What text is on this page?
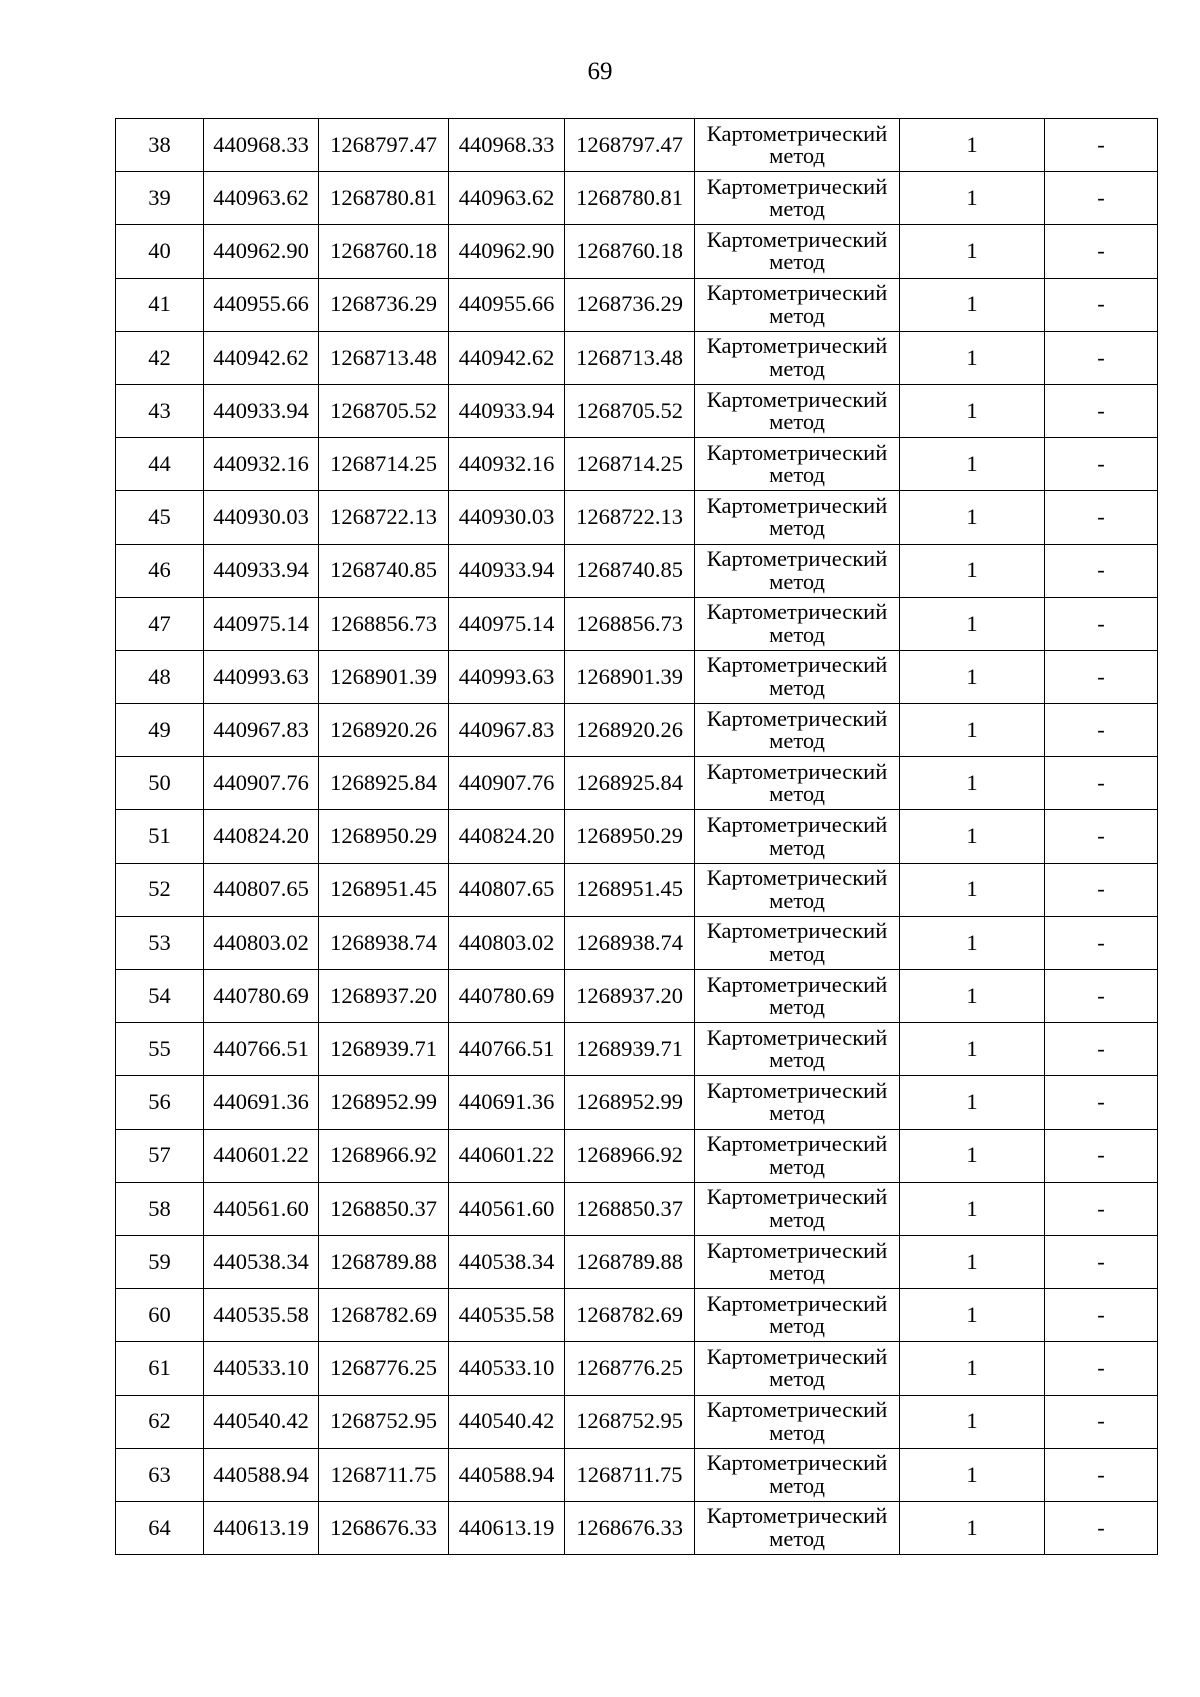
69
38	440968.33	1268797.47	440968.33	1268797.47	Картометрический
метод	1	-
39	440963.62	1268780.81	440963.62	1268780.81	Картометрический
метод	1	-
40	440962.90	1268760.18	440962.90	1268760.18	Картометрический
метод	1	-
41	440955.66	1268736.29	440955.66	1268736.29	Картометрический
метод	1	-
42	440942.62	1268713.48	440942.62	1268713.48	Картометрический
метод	1	-
43	440933.94	1268705.52	440933.94	1268705.52	Картометрический
метод	1	-
44	440932.16	1268714.25	440932.16	1268714.25	Картометрический
метод	1	-
45	440930.03	1268722.13	440930.03	1268722.13	Картометрический
метод	1	-
46	440933.94	1268740.85	440933.94	1268740.85	Картометрический
метод	1	-
47	440975.14	1268856.73	440975.14	1268856.73	Картометрический
метод	1	-
48	440993.63	1268901.39	440993.63	1268901.39	Картометрический
метод	1	-
49	440967.83	1268920.26	440967.83	1268920.26	Картометрический
метод	1	-
50	440907.76	1268925.84	440907.76	1268925.84	Картометрический
метод	1	-
51	440824.20	1268950.29	440824.20	1268950.29	Картометрический
метод	1	-
52	440807.65	1268951.45	440807.65	1268951.45	Картометрический
метод	1	-
53	440803.02	1268938.74	440803.02	1268938.74	Картометрический
метод	1	-
54	440780.69	1268937.20	440780.69	1268937.20	Картометрический
метод	1	-
55	440766.51	1268939.71	440766.51	1268939.71	Картометрический
метод	1	-
56	440691.36	1268952.99	440691.36	1268952.99	Картометрический
метод	1	-
57	440601.22	1268966.92	440601.22	1268966.92	Картометрический
метод	1	-
58	440561.60	1268850.37	440561.60	1268850.37	Картометрический
метод	1	-
59	440538.34	1268789.88	440538.34	1268789.88	Картометрический
метод	1	-
60	440535.58	1268782.69	440535.58	1268782.69	Картометрический
метод	1	-
61	440533.10	1268776.25	440533.10	1268776.25	Картометрический
метод	1	-
62	440540.42	1268752.95	440540.42	1268752.95	Картометрический
метод	1	-
63	440588.94	1268711.75	440588.94	1268711.75	Картометрический
метод	1	-
64	440613.19	1268676.33	440613.19	1268676.33	Картометрический
метод	1	-
